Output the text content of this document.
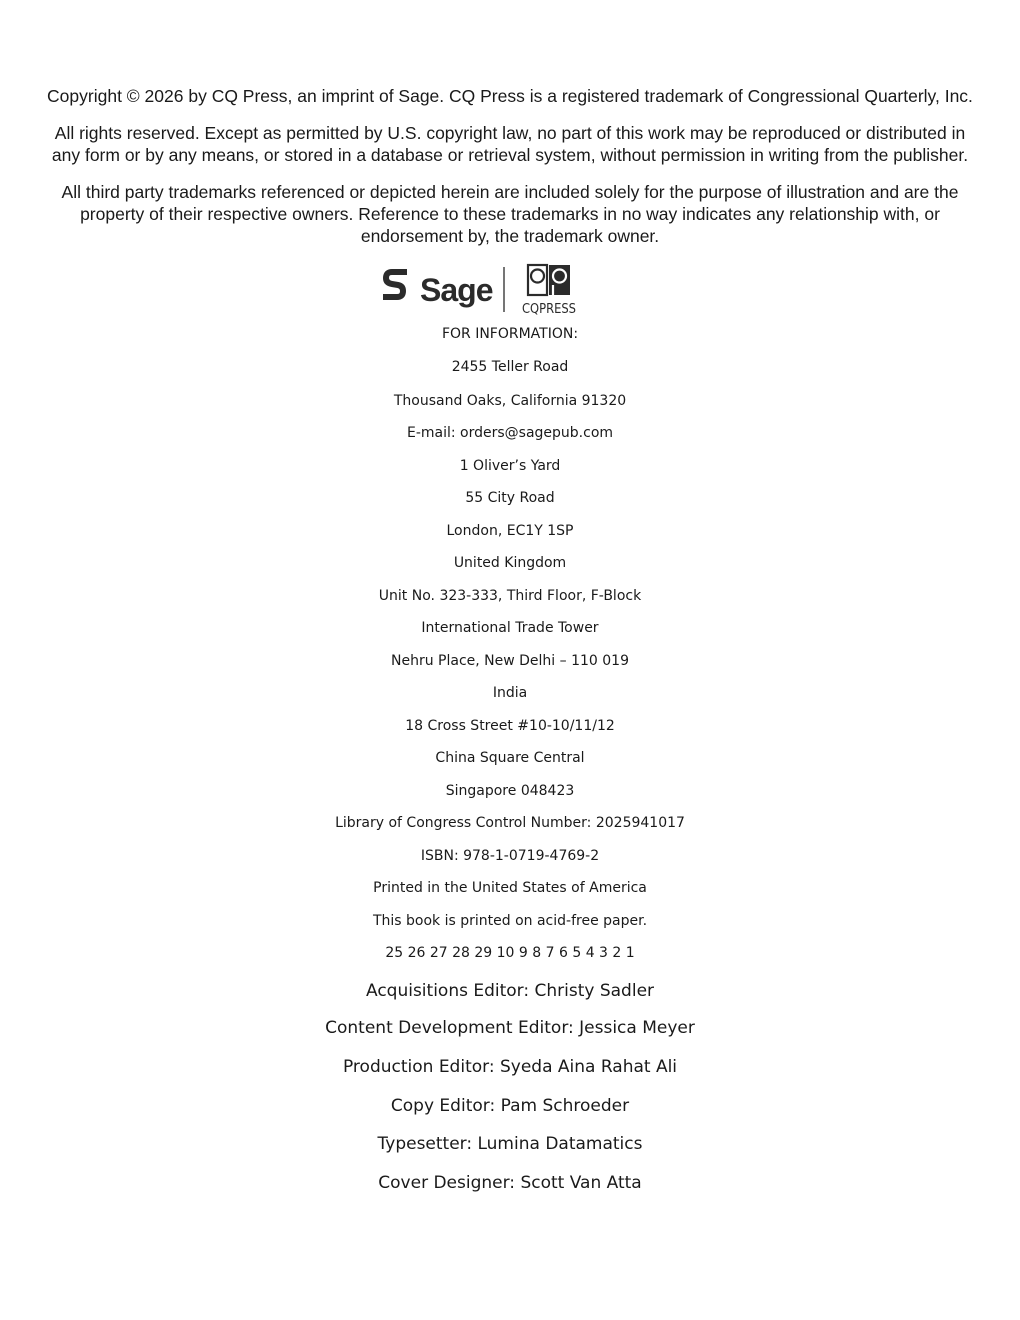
Copyright © 2026 by CQ Press, an imprint of Sage. CQ Press is a registered trademark of Congressional Quarterly, Inc.

All rights reserved. Except as permitted by U.S. copyright law, no part of this work may be reproduced or distributed in any form or by any means, or stored in a database or retrieval system, without permission in writing from the publisher.

All third party trademarks referenced or depicted herein are included solely for the purpose of illustration and are the property of their respective owners. Reference to these trademarks in no way indicates any relationship with, or endorsement by, the trademark owner.

Sage
CQPRESS

FOR INFORMATION:

2455 Teller Road

Thousand Oaks, California 91320

E-mail: orders@sagepub.com

1 Oliver’s Yard

55 City Road

London, EC1Y 1SP

United Kingdom

Unit No. 323-333, Third Floor, F-Block

International Trade Tower

Nehru Place, New Delhi – 110 019

India

18 Cross Street #10-10/11/12

China Square Central

Singapore 048423

Library of Congress Control Number: 2025941017

ISBN: 978-1-0719-4769-2

Printed in the United States of America

This book is printed on acid-free paper.

25 26 27 28 29 10 9 8 7 6 5 4 3 2 1

Acquisitions Editor: Christy Sadler

Content Development Editor: Jessica Meyer

Production Editor: Syeda Aina Rahat Ali

Copy Editor: Pam Schroeder

Typesetter: Lumina Datamatics

Cover Designer: Scott Van Atta
